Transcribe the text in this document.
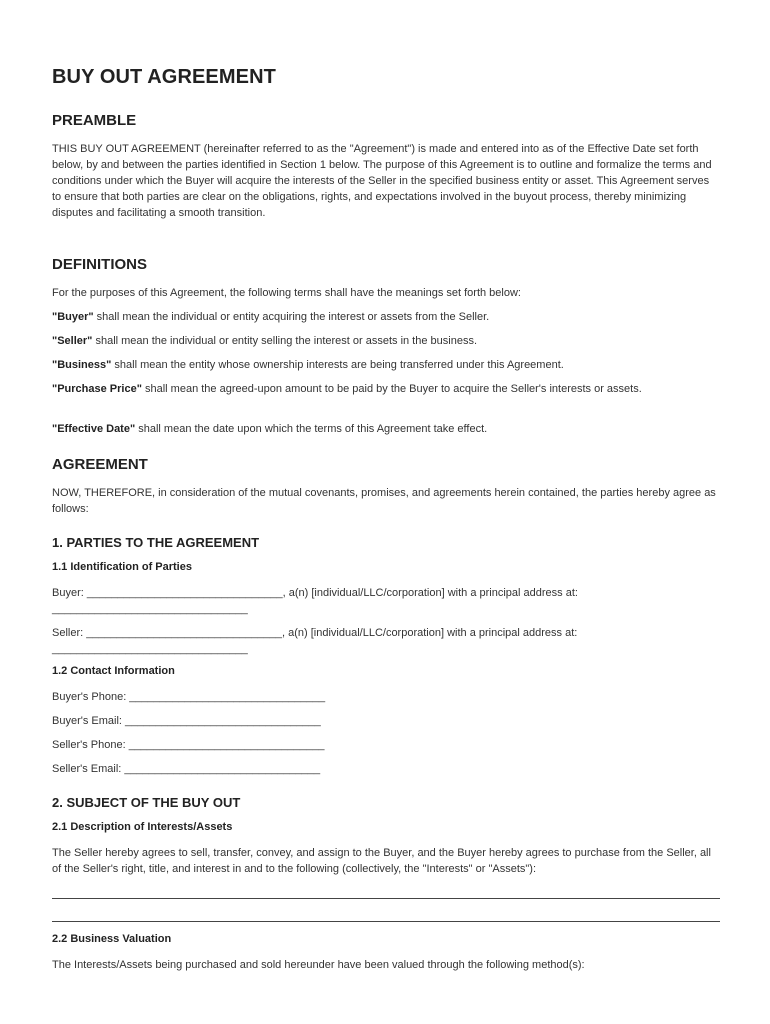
BUY OUT AGREEMENT
PREAMBLE

THIS BUY OUT AGREEMENT (hereinafter referred to as the "Agreement") is made and entered into as of the Effective Date set forth below, by and between the parties identified in Section 1 below. The purpose of this Agreement is to outline and formalize the terms and conditions under which the Buyer will acquire the interests of the Seller in the specified business entity or asset. This Agreement serves to ensure that both parties are clear on the obligations, rights, and expectations involved in the buyout process, thereby minimizing disputes and facilitating a smooth transition.

DEFINITIONS

For the purposes of this Agreement, the following terms shall have the meanings set forth below:

"Buyer" shall mean the individual or entity acquiring the interest or assets from the Seller.

"Seller" shall mean the individual or entity selling the interest or assets in the business.

"Business" shall mean the entity whose ownership interests are being transferred under this Agreement.

"Purchase Price" shall mean the agreed-upon amount to be paid by the Buyer to acquire the Seller's interests or assets.

"Effective Date" shall mean the date upon which the terms of this Agreement take effect.

AGREEMENT

NOW, THEREFORE, in consideration of the mutual covenants, promises, and agreements herein contained, the parties hereby agree as follows:

1. PARTIES TO THE AGREEMENT
1.1 Identification of Parties

Buyer: ________________________________, a(n) [individual/LLC/corporation] with a principal address at: ________________________________

Seller: ________________________________, a(n) [individual/LLC/corporation] with a principal address at: ________________________________

1.2 Contact Information

Buyer's Phone: ________________________________

Buyer's Email: ________________________________

Seller's Phone: ________________________________

Seller's Email: ________________________________

2. SUBJECT OF THE BUY OUT
2.1 Description of Interests/Assets

The Seller hereby agrees to sell, transfer, convey, and assign to the Buyer, and the Buyer hereby agrees to purchase from the Seller, all of the Seller's right, title, and interest in and to the following (collectively, the "Interests" or "Assets"):

2.2 Business Valuation

The Interests/Assets being purchased and sold hereunder have been valued through the following method(s):
